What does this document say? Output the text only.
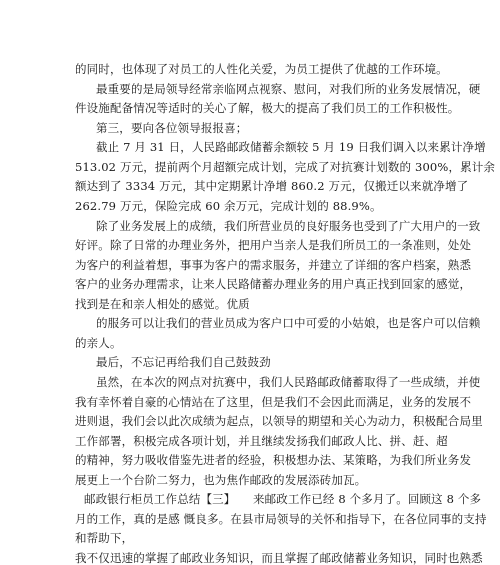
的同时，也体现了对员工的人性化关爱，为员工提供了优越的工作环境。
最重要的是局领导经常亲临网点视察、慰问，对我们所的业务发展情况，硬
件设施配备情况等适时的关心了解，极大的提高了我们员工的工作积极性。
第三，要向各位领导报报喜；
截止 7 月 31 日，人民路邮政储蓄余额较 5 月 19 日我们调入以来累计净增
513.02 万元，提前两个月超额完成计划，完成了对抗赛计划数的 300%，累计余
额达到了 3334 万元，其中定期累计净增 860.2 万元，仅搬迁以来就净增了
262.79 万元，保险完成 60 余万元，完成计划的 88.9%。
除了业务发展上的成绩，我们所营业员的良好服务也受到了广大用户的一致
好评。除了日常的办理业务外，把用户当亲人是我们所员工的一条准则，处处
为客户的利益着想，事事为客户的需求服务，并建立了详细的客户档案，熟悉
客户的业务办理需求，让来人民路储蓄办理业务的用户真正找到回家的感觉，
找到是在和亲人相处的感觉。优质
的服务可以让我们的营业员成为客户口中可爱的小姑娘，也是客户可以信赖
的亲人。
最后，不忘记再给我们自己鼓鼓劲
虽然，在本次的网点对抗赛中，我们人民路邮政储蓄取得了一些成绩，并使
我有幸怀着自豪的心情站在了这里，但是我们不会因此而满足，业务的发展不
进则退，我们会以此次成绩为起点，以领导的期望和关心为动力，积极配合局里
工作部署，积极完成各项计划，并且继续发扬我们邮政人比、拼、赶、超
的精神，努力吸收借鉴先进者的经验，积极想办法、某策略，为我们所业务发
展更上一个台阶二努力，也为焦作邮政的发展添砖加瓦。
邮政银行柜员工作总结【三】　　来邮政工作已经 8 个多月了。回顾这 8 个多
月的工作，真的是感 慨良多。在县市局领导的关怀和指导下，在各位同事的支持
和帮助下，
我不仅迅速的掌握了邮政业务知识，而且掌握了邮政储蓄业务知识，同时也熟悉
